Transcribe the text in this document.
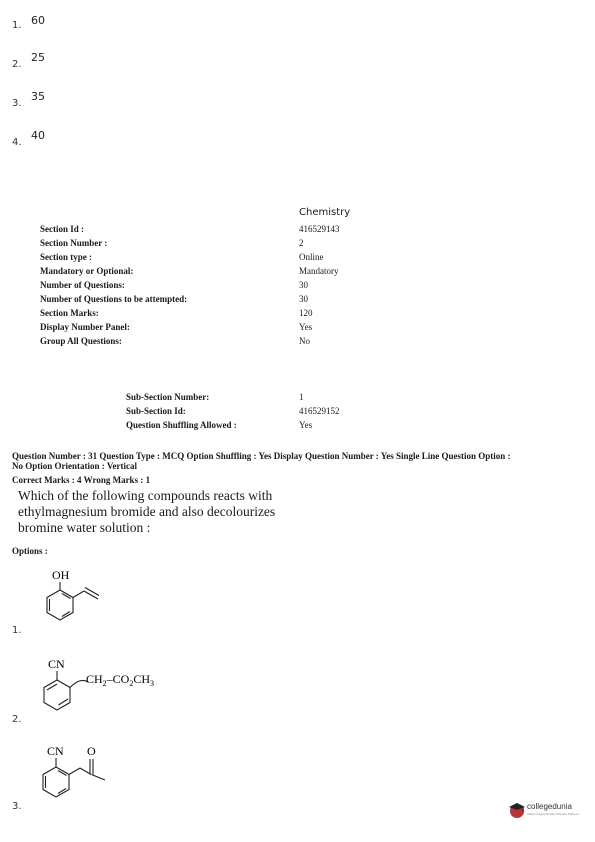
1. 60
2.
25
3.
35
4.
40
Chemistry
Section Id :	416529143
Section Number :	2
Section type :	Online
Mandatory or Optional:	Mandatory
Number of Questions:	30
Number of Questions to be attempted:	30
Section Marks:	120
Display Number Panel:	Yes
Group All Questions:	No
Sub-Section Number:	1
Sub-Section Id:	416529152
Question Shuffling Allowed :	Yes
Question Number : 31 Question Type : MCQ Option Shuffling : Yes Display Question Number : Yes Single Line Question Option :
No Option Orientation : Vertical
Correct Marks : 4 Wrong Marks : 1
Which of the following compounds reacts with ethylmagnesium bromide and also decolourizes bromine water solution :
Options :
OH
1.
CN
$CH_2-CO_2CH_3$
2.
CN O
3.	collegedunia
India's largest Student Review Platform
